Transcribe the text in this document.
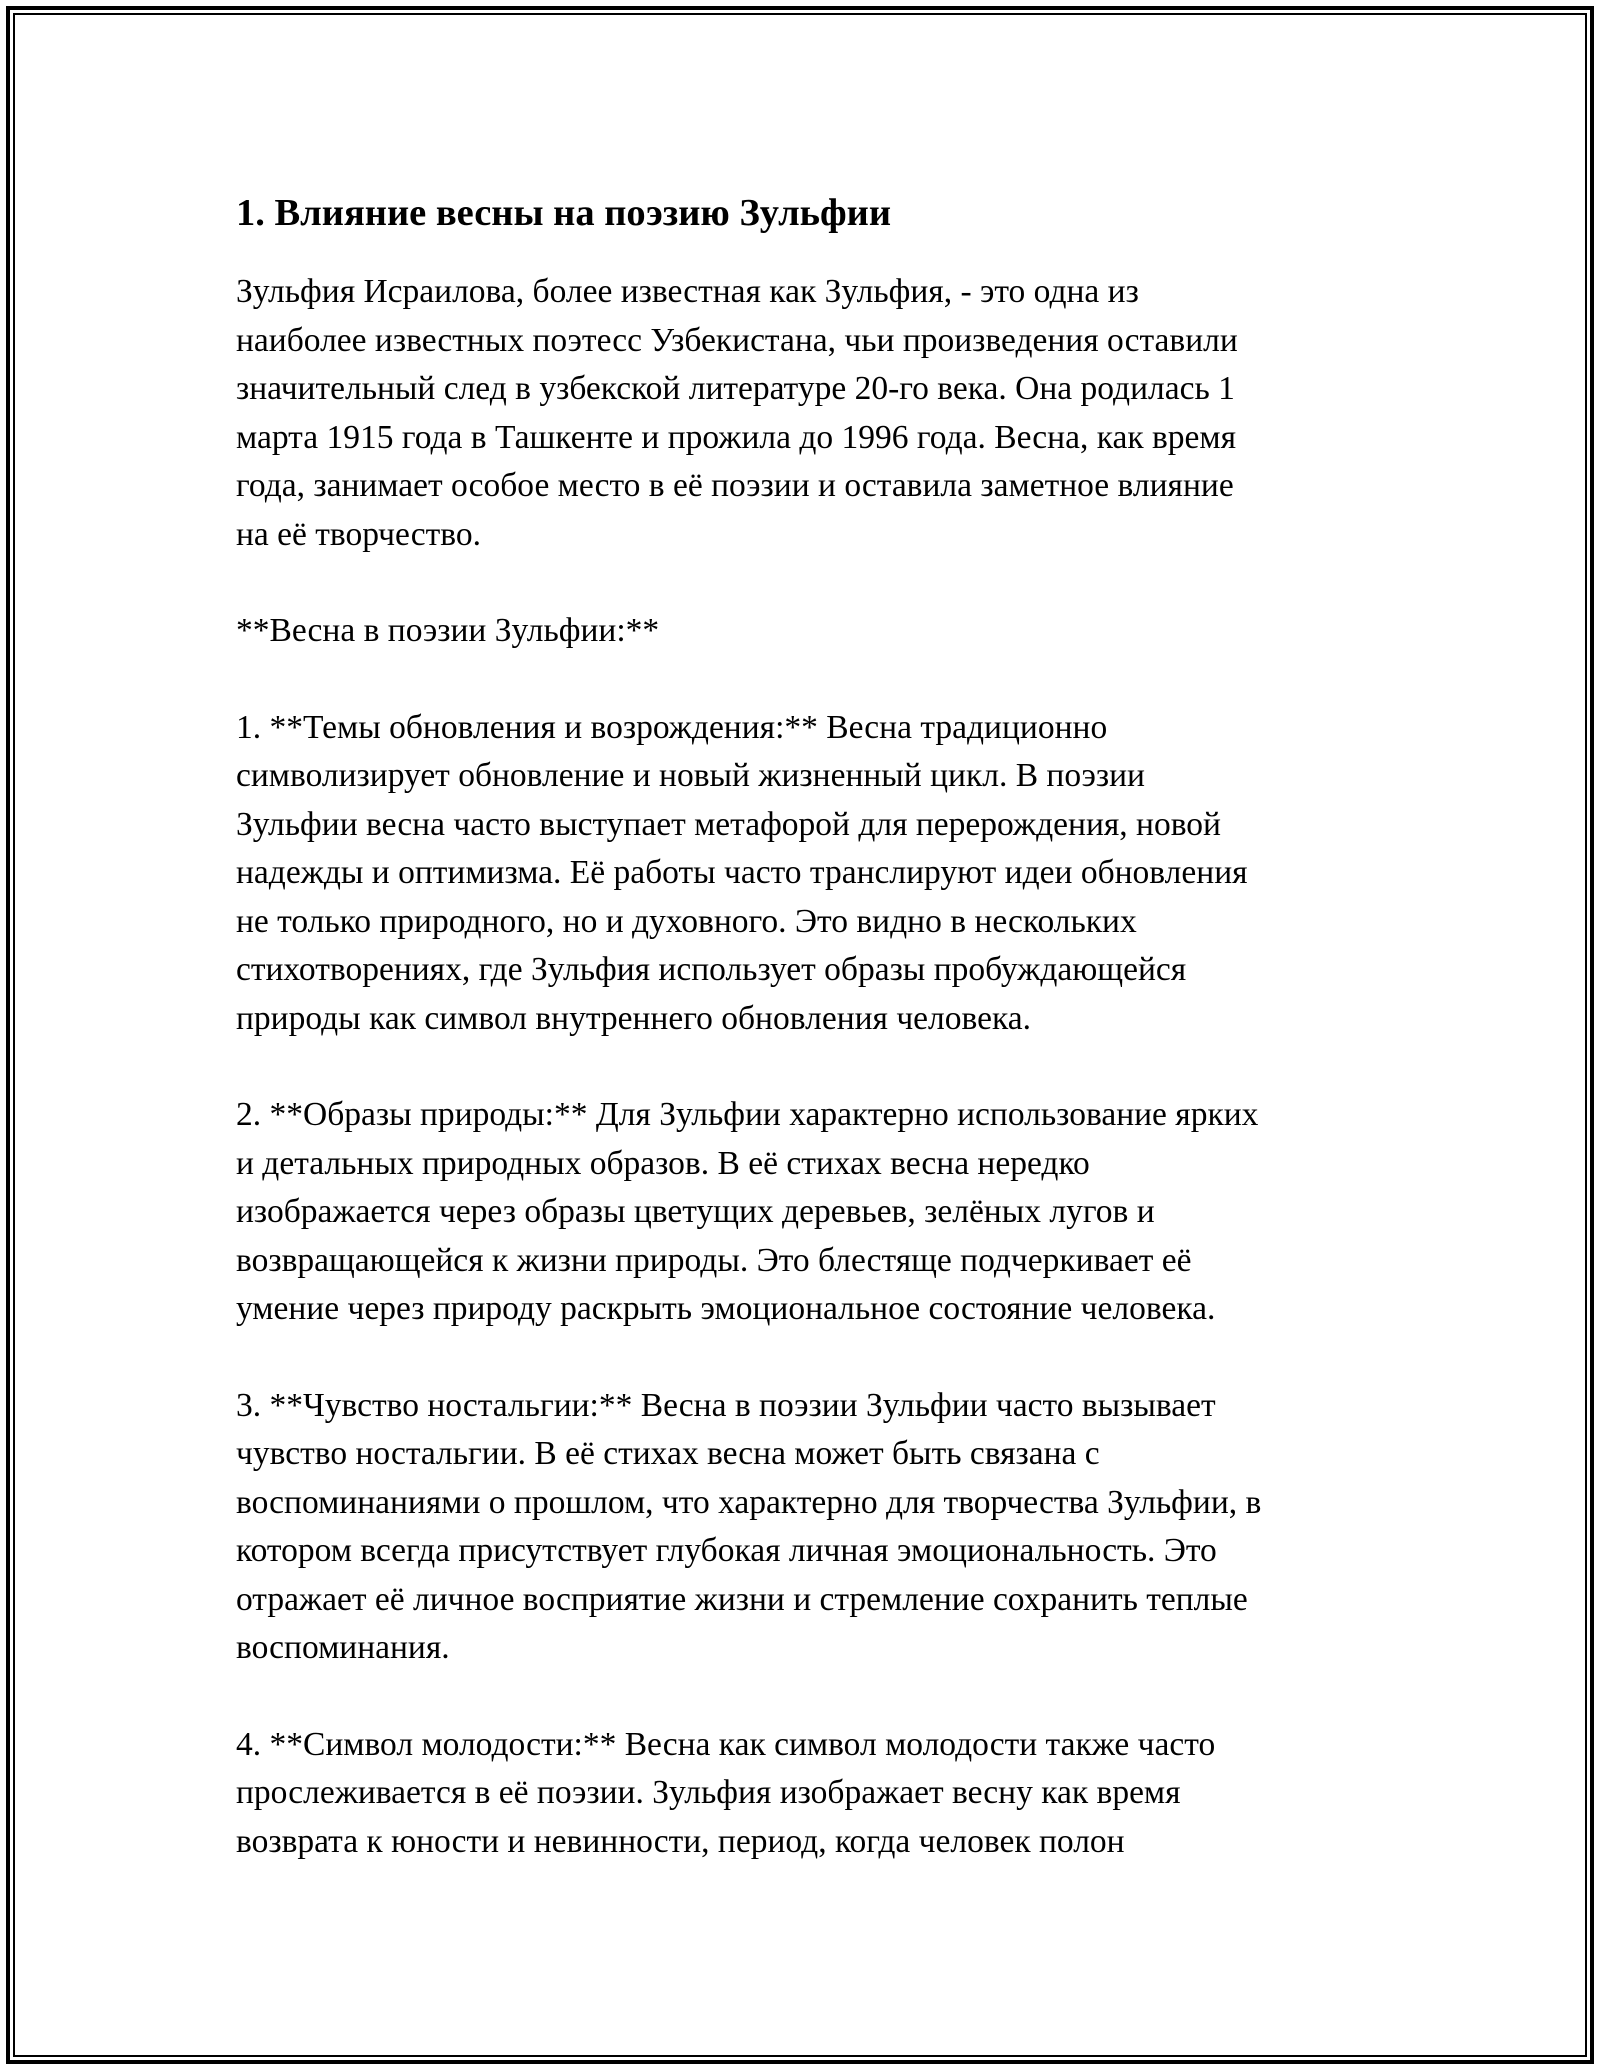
1. Влияние весны на поэзию Зульфии

Зульфия Исраилова, более известная как Зульфия, - это одна из
наиболее известных поэтесс Узбекистана, чьи произведения оставили
значительный след в узбекской литературе 20-го века. Она родилась 1
марта 1915 года в Ташкенте и прожила до 1996 года. Весна, как время
года, занимает особое место в её поэзии и оставила заметное влияние
на её творчество.

**Весна в поэзии Зульфии:**

1. **Темы обновления и возрождения:** Весна традиционно
символизирует обновление и новый жизненный цикл. В поэзии
Зульфии весна часто выступает метафорой для перерождения, новой
надежды и оптимизма. Её работы часто транслируют идеи обновления
не только природного, но и духовного. Это видно в нескольких
стихотворениях, где Зульфия использует образы пробуждающейся
природы как символ внутреннего обновления человека.

2. **Образы природы:** Для Зульфии характерно использование ярких
и детальных природных образов. В её стихах весна нередко
изображается через образы цветущих деревьев, зелёных лугов и
возвращающейся к жизни природы. Это блестяще подчеркивает её
умение через природу раскрыть эмоциональное состояние человека.

3. **Чувство ностальгии:** Весна в поэзии Зульфии часто вызывает
чувство ностальгии. В её стихах весна может быть связана с
воспоминаниями о прошлом, что характерно для творчества Зульфии, в
котором всегда присутствует глубокая личная эмоциональность. Это
отражает её личное восприятие жизни и стремление сохранить теплые
воспоминания.

4. **Символ молодости:** Весна как символ молодости также часто
прослеживается в её поэзии. Зульфия изображает весну как время
возврата к юности и невинности, период, когда человек полон
